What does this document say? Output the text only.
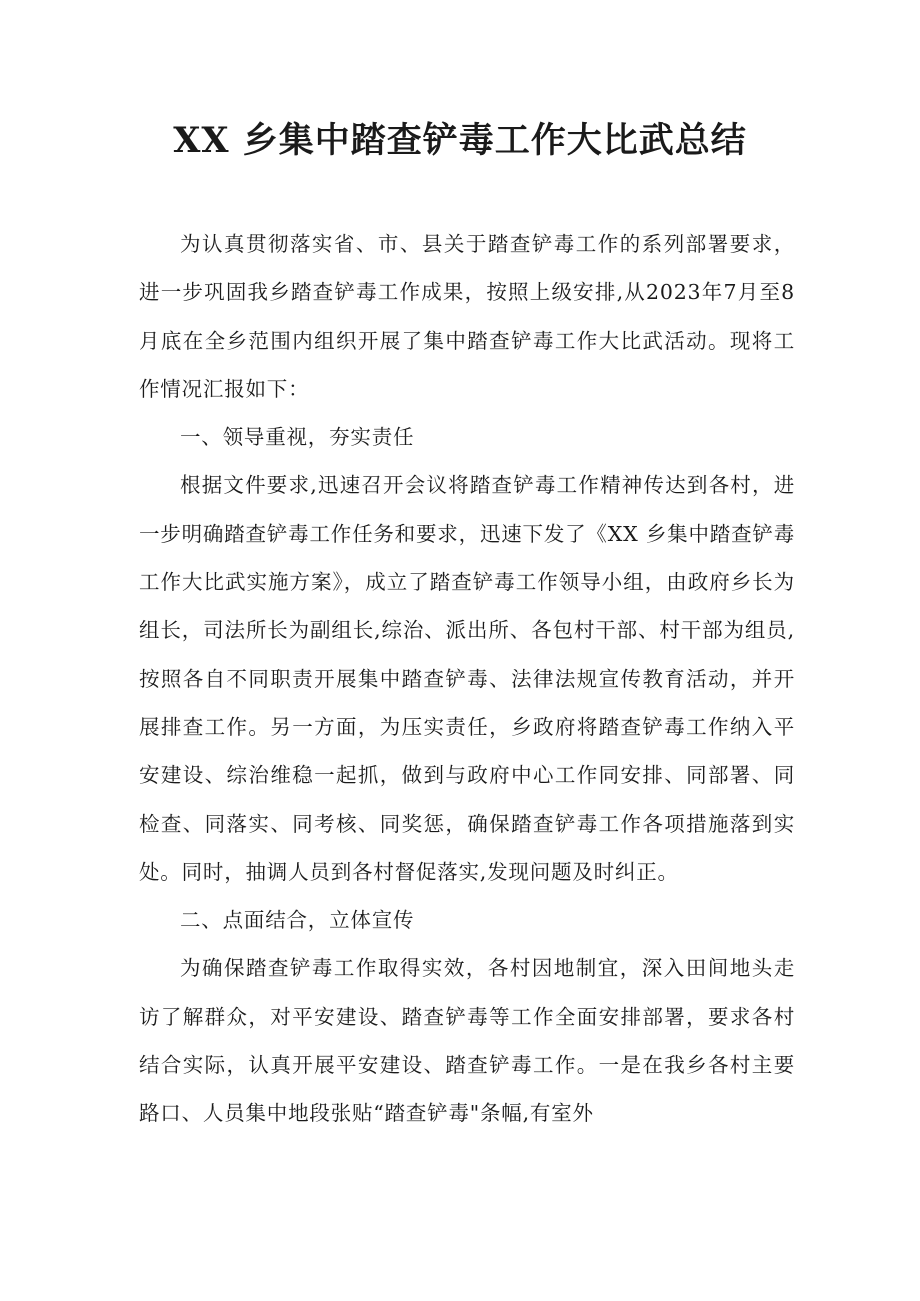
XX 乡集中踏查铲毒工作大比武总结

为认真贯彻落实省、市、县关于踏查铲毒工作的系列部署要求，进一步巩固我乡踏查铲毒工作成果，按照上级安排,从2023年7月至8月底在全乡范围内组织开展了集中踏查铲毒工作大比武活动。现将工作情况汇报如下：

一、领导重视，夯实责任

根据文件要求,迅速召开会议将踏查铲毒工作精神传达到各村，进一步明确踏查铲毒工作任务和要求，迅速下发了《XX 乡集中踏查铲毒工作大比武实施方案》，成立了踏查铲毒工作领导小组，由政府乡长为组长，司法所长为副组长,综治、派出所、各包村干部、村干部为组员,按照各自不同职责开展集中踏查铲毒、法律法规宣传教育活动，并开展排查工作。另一方面，为压实责任，乡政府将踏查铲毒工作纳入平安建设、综治维稳一起抓，做到与政府中心工作同安排、同部署、同检查、同落实、同考核、同奖惩，确保踏查铲毒工作各项措施落到实处。同时，抽调人员到各村督促落实,发现问题及时纠正。

二、点面结合，立体宣传

为确保踏查铲毒工作取得实效，各村因地制宜，深入田间地头走访了解群众，对平安建设、踏查铲毒等工作全面安排部署，要求各村结合实际，认真开展平安建设、踏查铲毒工作。一是在我乡各村主要路口、人员集中地段张贴“踏查铲毒"条幅,有室外
